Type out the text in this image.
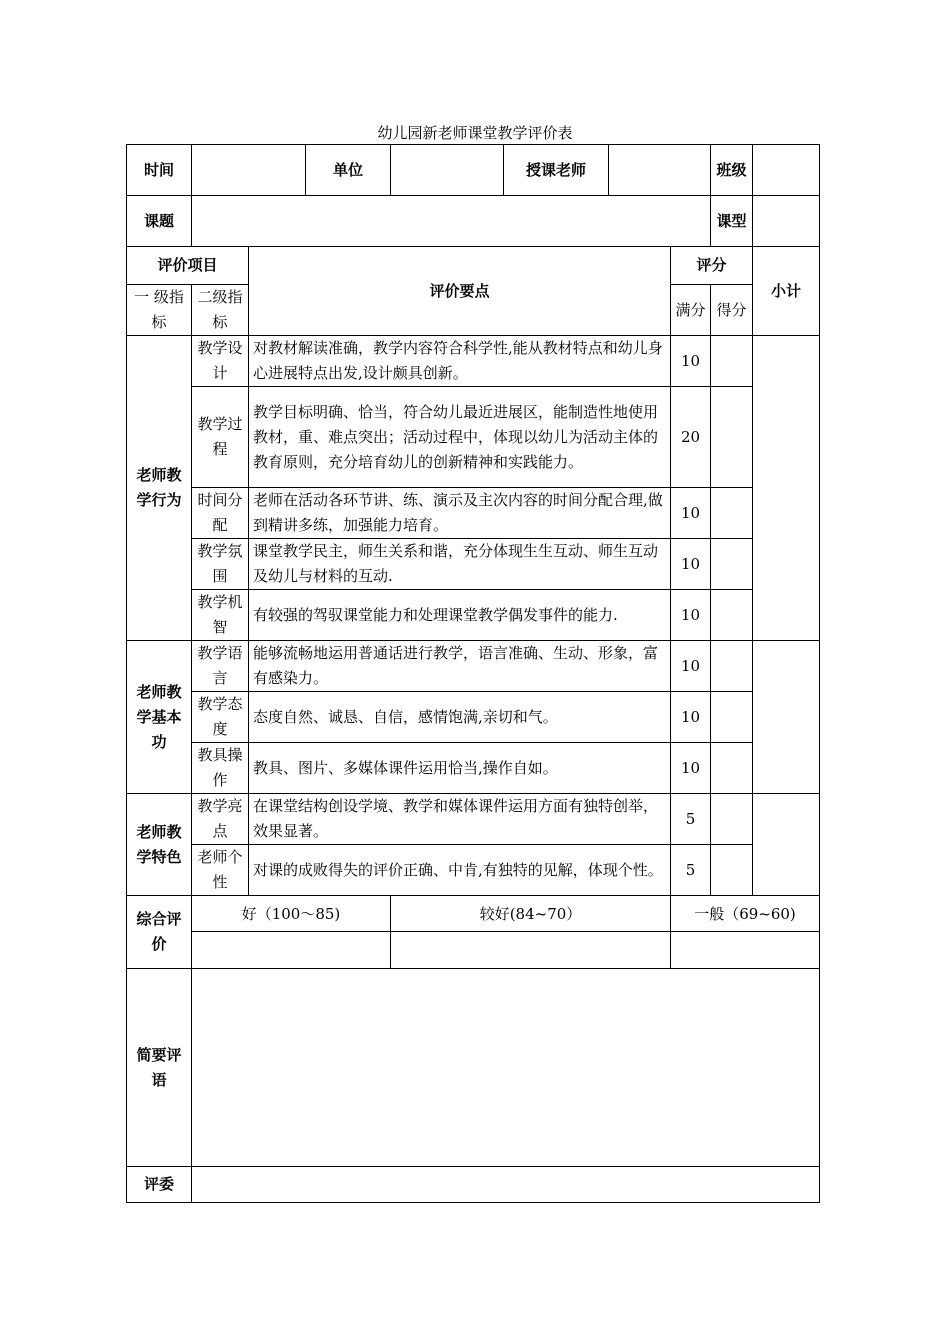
幼儿园新老师课堂教学评价表
时间			单位		授课老师			班级	
课题								课型	
评价项目		评价要点					评分		小计
一 级指标	二级指标						满分	得分	
老师教学行为	教学设计	对教材解读准确，教学内容符合科学性,能从教材特点和幼儿身心进展特点出发,设计颇具创新。					10		
	教学过程	教学目标明确、恰当，符合幼儿最近进展区，能制造性地使用教材，重、难点突出；活动过程中，体现以幼儿为活动主体的教育原则，充分培育幼儿的创新精神和实践能力。					20		
	时间分配	老师在活动各环节讲、练、演示及主次内容的时间分配合理,做到精讲多练，加强能力培育。					10		
	教学氛围	课堂教学民主，师生关系和谐，充分体现生生互动、师生互动及幼儿与材料的互动.					10		
	教学机智	有较强的驾驭课堂能力和处理课堂教学偶发事件的能力.					10		
老师教学基本功	教学语言	能够流畅地运用普通话进行教学，语言准确、生动、形象，富有感染力。					10		
	教学态度	态度自然、诚恳、自信，感情饱满,亲切和气。					10		
	教具操作	教具、图片、多媒体课件运用恰当,操作自如。					10		
老师教学特色	教学亮点	在课堂结构创设学境、教学和媒体课件运用方面有独特创举，效果显著。					5		
	老师个性	对课的成败得失的评价正确、中肯,有独特的见解，体现个性。					5		
综合评价	好（100～85)			较好(84~70）			一般（69~60)		

简要评语									
评委									
